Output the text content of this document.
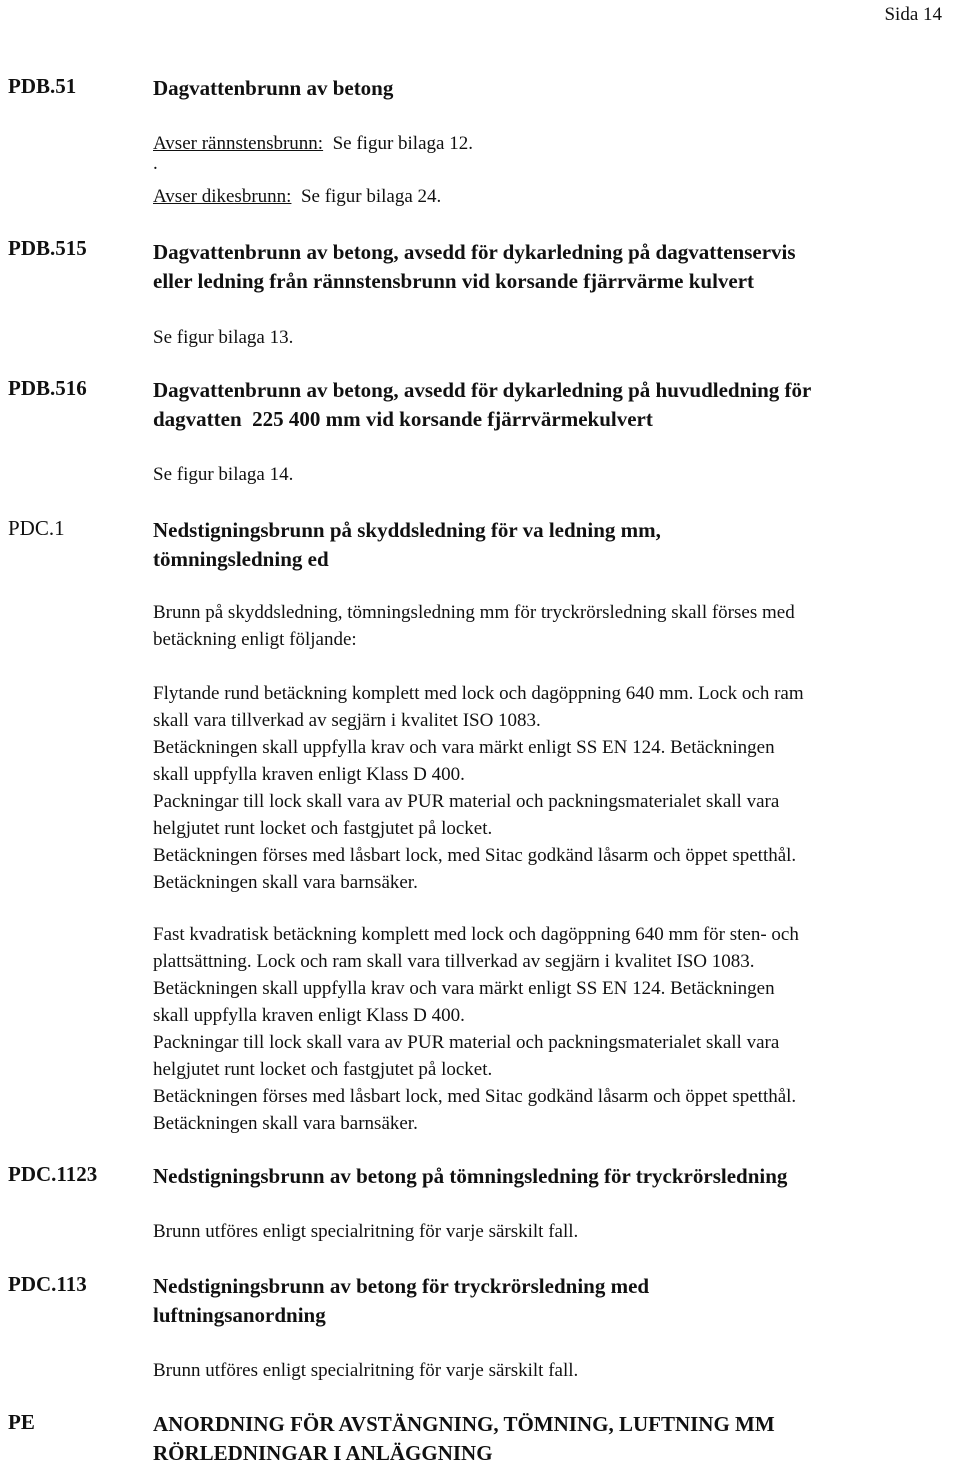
Sida 14
PDB.51	Dagvattenbrunn av betong
Avser rännstensbrunn: Se figur bilaga 12.
.
Avser dikesbrunn: Se figur bilaga 24.
PDB.515	Dagvattenbrunn av betong, avsedd för dykarledning på dagvattenservis
eller ledning från rännstensbrunn vid korsande fjärrvärme kulvert
Se figur bilaga 13.
PDB.516	Dagvattenbrunn av betong, avsedd för dykarledning på huvudledning för
dagvatten  225 400 mm vid korsande fjärrvärmekulvert
Se figur bilaga 14.
PDC.1	Nedstigningsbrunn på skyddsledning för va ledning mm,
tömningsledning ed
Brunn på skyddsledning, tömningsledning mm för tryckrörsledning skall förses med
betäckning enligt följande:
Flytande rund betäckning komplett med lock och dagöppning 640 mm. Lock och ram
skall vara tillverkad av segjärn i kvalitet ISO 1083.
Betäckningen skall uppfylla krav och vara märkt enligt SS EN 124. Betäckningen
skall uppfylla kraven enligt Klass D 400.
Packningar till lock skall vara av PUR material och packningsmaterialet skall vara
helgjutet runt locket och fastgjutet på locket.
Betäckningen förses med låsbart lock, med Sitac godkänd låsarm och öppet spetthål.
Betäckningen skall vara barnsäker.
Fast kvadratisk betäckning komplett med lock och dagöppning 640 mm för sten- och
plattsättning. Lock och ram skall vara tillverkad av segjärn i kvalitet ISO 1083.
Betäckningen skall uppfylla krav och vara märkt enligt SS EN 124. Betäckningen
skall uppfylla kraven enligt Klass D 400.
Packningar till lock skall vara av PUR material och packningsmaterialet skall vara
helgjutet runt locket och fastgjutet på locket.
Betäckningen förses med låsbart lock, med Sitac godkänd låsarm och öppet spetthål.
Betäckningen skall vara barnsäker.
PDC.1123	Nedstigningsbrunn av betong på tömningsledning för tryckrörsledning
Brunn utföres enligt specialritning för varje särskilt fall.
PDC.113	Nedstigningsbrunn av betong för tryckrörsledning med
luftningsanordning
Brunn utföres enligt specialritning för varje särskilt fall.
PE	ANORDNING FÖR AVSTÄNGNING, TÖMNING, LUFTNING MM
RÖRLEDNINGAR I ANLÄGGNING
